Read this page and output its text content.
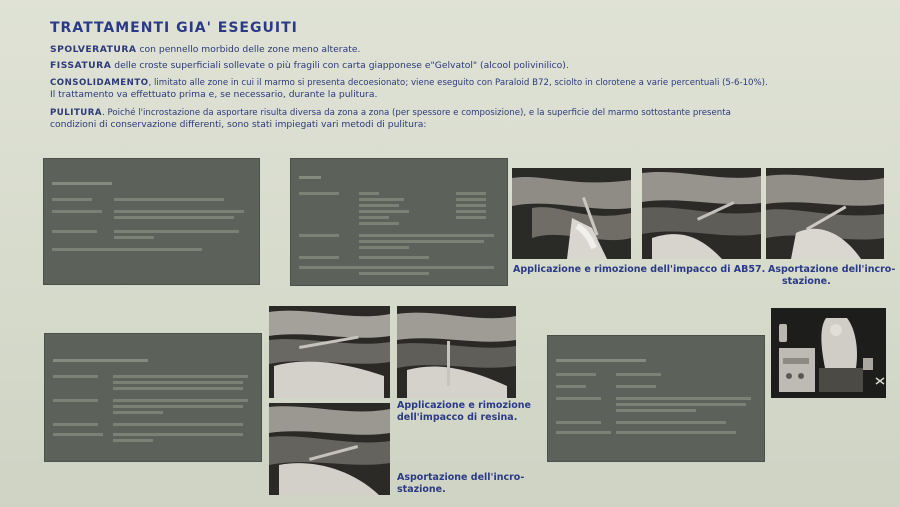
TRATTAMENTI GIA' ESEGUITI
SPOLVERATURA con pennello morbido delle zone meno alterate.
FISSATURA delle croste superficiali sollevate o più fragili con carta giapponese e"Gelvatol" (alcool polivinilico).
CONSOLIDAMENTO, limitato alle zone in cui il marmo si presenta decoesionato; viene eseguito con Paraloid B72, sciolto in clorotene a varie percentuali (5-6-10%).
Il trattamento va effettuato prima e, se necessario, durante la pulitura.
PULITURA. Poiché l'incrostazione da asportare risulta diversa da zona a zona (per spessore e composizione), e la superficie del marmo sottostante presenta
condizioni di conservazione differenti, sono stati impiegati vari metodi di pulitura:
Applicazione e rimozione dell'impacco di AB57. Asportazione dell'incro-
stazione.
Applicazione e rimozione
dell'impacco di resina.
Asportazione dell'incro-
stazione.
